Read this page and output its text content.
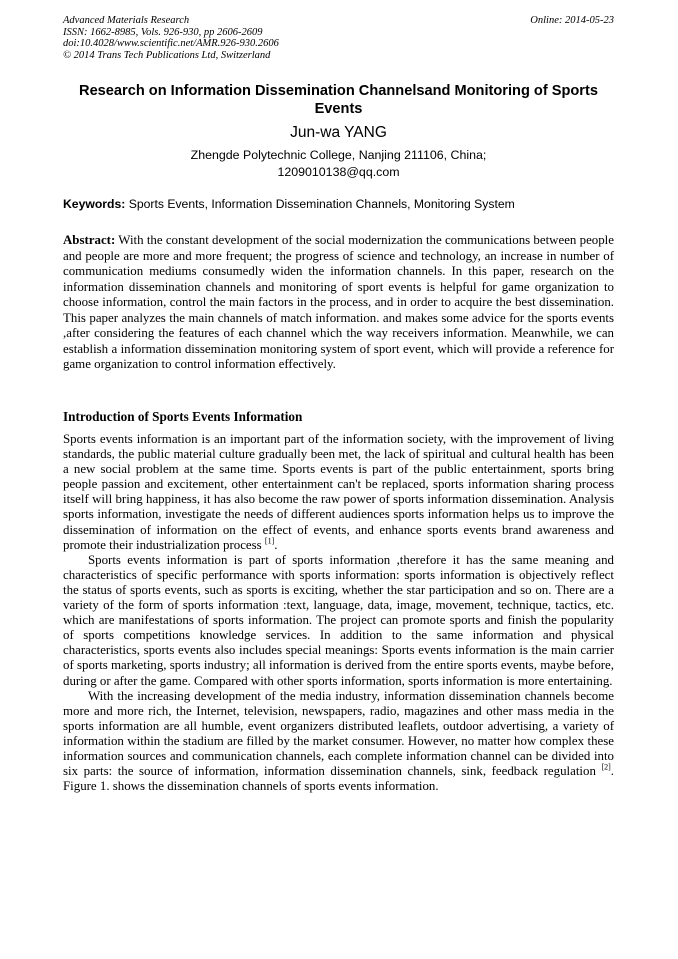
Advanced Materials Research
ISSN: 1662-8985, Vols. 926-930, pp 2606-2609
doi:10.4028/www.scientific.net/AMR.926-930.2606
© 2014 Trans Tech Publications Ltd, Switzerland
Online: 2014-05-23
Research on Information Dissemination Channelsand Monitoring of Sports Events
Jun-wa YANG
Zhengde Polytechnic College, Nanjing 211106, China;
1209010138@qq.com
Keywords: Sports Events, Information Dissemination Channels, Monitoring System
Abstract: With the constant development of the social modernization the communications between people and people are more and more frequent; the progress of science and technology, an increase in number of communication mediums consumedly widen the information channels. In this paper, research on the information dissemination channels and monitoring of sport events is helpful for game organization to choose information, control the main factors in the process, and in order to acquire the best dissemination. This paper analyzes the main channels of match information. and makes some advice for the sports events ,after considering the features of each channel which the way receivers information. Meanwhile, we can establish a information dissemination monitoring system of sport event, which will provide a reference for game organization to control information effectively.
Introduction of Sports Events Information

Sports events information is an important part of the information society, with the improvement of living standards, the public material culture gradually been met, the lack of spiritual and cultural health has been a new social problem at the same time. Sports events is part of the public entertainment, sports bring people passion and excitement, other entertainment can't be replaced, sports information sharing process itself will bring happiness, it has also become the raw power of sports information dissemination. Analysis sports information, investigate the needs of different audiences sports information helps us to improve the dissemination of information on the effect of events, and enhance sports events brand awareness and promote their industrialization process [1].

Sports events information is part of sports information ,therefore it has the same meaning and characteristics of specific performance with sports information: sports information is objectively reflect the status of sports events, such as sports is exciting, whether the star participation and so on. There are a variety of the form of sports information :text, language, data, image, movement, technique, tactics, etc. which are manifestations of sports information. The project can promote sports and finish the popularity of sports competitions knowledge services. In addition to the same information and physical characteristics, sports events also includes special meanings: Sports events information is the main carrier of sports marketing, sports industry; all information is derived from the entire sports events, maybe before, during or after the game. Compared with other sports information, sports information is more entertaining.

With the increasing development of the media industry, information dissemination channels become more and more rich, the Internet, television, newspapers, radio, magazines and other mass media in the sports information are all humble, event organizers distributed leaflets, outdoor advertising, a variety of information within the stadium are filled by the market consumer. However, no matter how complex these information sources and communication channels, each complete information channel can be divided into six parts: the source of information, information dissemination channels, sink, feedback regulation [2]. Figure 1. shows the dissemination channels of sports events information.
